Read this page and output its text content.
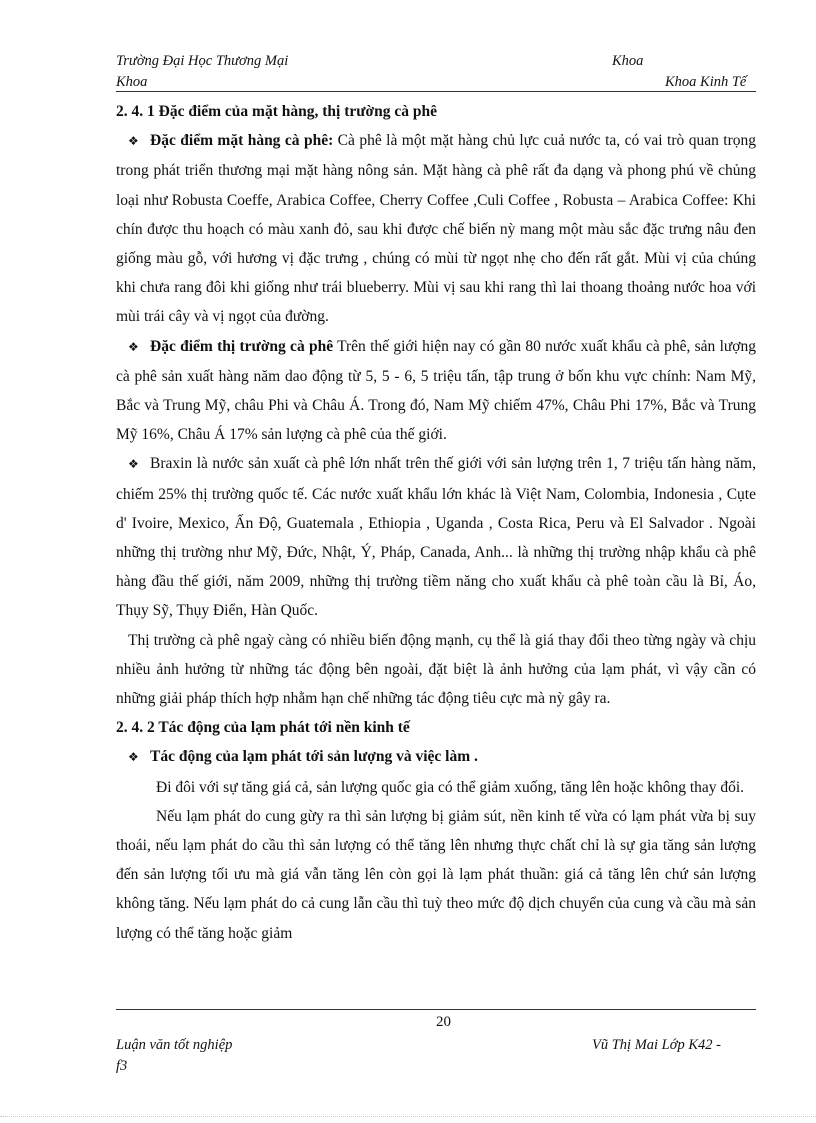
Trường Đại Học Thương Mại	Khoa
Khoa	Khoa Kinh Tế

2. 4. 1 Đặc điểm của mặt hàng, thị trường cà phê

❖ Đặc điểm mặt hàng cà phê: Cà phê là một mặt hàng chủ lực cuả nước ta, có vai trò quan trọng trong phát triển thương mại mặt hàng nông sản. Mặt hàng cà phê rất đa dạng và phong phú về chủng loại như Robusta Coeffe, Arabica Coffee, Cherry Coffee ,Culi Coffee , Robusta – Arabica Coffee: Khi chín được thu hoạch có màu xanh đỏ, sau khi được chế biến nỳ mang một màu sắc đặc trưng nâu đen giống màu gỗ, với hương vị đặc trưng , chúng có mùi từ ngọt nhẹ cho đến rất gắt. Mùi vị của chúng khi chưa rang đôi khi giống như trái blueberry. Mùi vị sau khi rang thì lai thoang thoảng nước hoa với mùi trái cây và vị ngọt của đường.

❖ Đặc điểm thị trường cà phê Trên thế giới hiện nay có gần 80 nước xuất khẩu cà phê, sản lượng cà phê sản xuất hàng năm dao động từ 5, 5 - 6, 5 triệu tấn, tập trung ở bốn khu vực chính: Nam Mỹ, Bắc và Trung Mỹ, châu Phi và Châu Á. Trong đó, Nam Mỹ chiếm 47%, Châu Phi 17%, Bắc và Trung Mỹ 16%, Châu Á 17% sản lượng cà phê của thế giới.

❖ Braxin là nước sản xuất cà phê lớn nhất trên thế giới với sản lượng trên 1, 7 triệu tấn hàng năm, chiếm 25% thị trường quốc tế. Các nước xuất khẩu lớn khác là Việt Nam, Colombia, Indonesia , Cụte d' Ivoire, Mexico, Ấn Độ, Guatemala , Ethiopia , Uganda , Costa Rica, Peru và El Salvador . Ngoài những thị trường như Mỹ, Đức, Nhật, Ý, Pháp, Canada, Anh... là những thị trường nhập khẩu cà phê hàng đầu thế giới, năm 2009, những thị trường tiềm năng cho xuất khẩu cà phê toàn cầu là Bỉ, Áo, Thụy Sỹ, Thụy Điển, Hàn Quốc.

Thị trường cà phê ngaỳ càng có nhiều biến động mạnh, cụ thể là giá thay đổi theo từng ngày và chịu nhiều ảnh hưởng từ những tác động bên ngoài, đặt biệt là ảnh hưởng của lạm phát, vì vậy cần có những giải pháp thích hợp nhằm hạn chế những tác động tiêu cực mà nỳ gây ra.

2. 4. 2 Tác động của lạm phát tới nền kinh tế

❖ Tác động của lạm phát tới sản lượng và việc làm .

Đi đôi với sự tăng giá cả, sản lượng quốc gia có thể giảm xuống, tăng lên hoặc không thay đổi.

Nếu lạm phát do cung gừy ra thì sản lượng bị giảm sút, nền kinh tế vừa có lạm phát vừa bị suy thoái, nếu lạm phát do cầu thì sản lượng có thể tăng lên nhưng thực chất chỉ là sự gia tăng sản lượng đến sản lượng tối ưu mà giá vẫn tăng lên còn gọi là lạm phát thuần: giá cả tăng lên chứ sản lượng không tăng. Nếu lạm phát do cả cung lẫn cầu thì tuỳ theo mức độ dịch chuyển của cung và cầu mà sản lượng có thể tăng hoặc giảm

20
Luận văn tốt nghiệp
f3
Vũ Thị Mai Lớp K42 -
